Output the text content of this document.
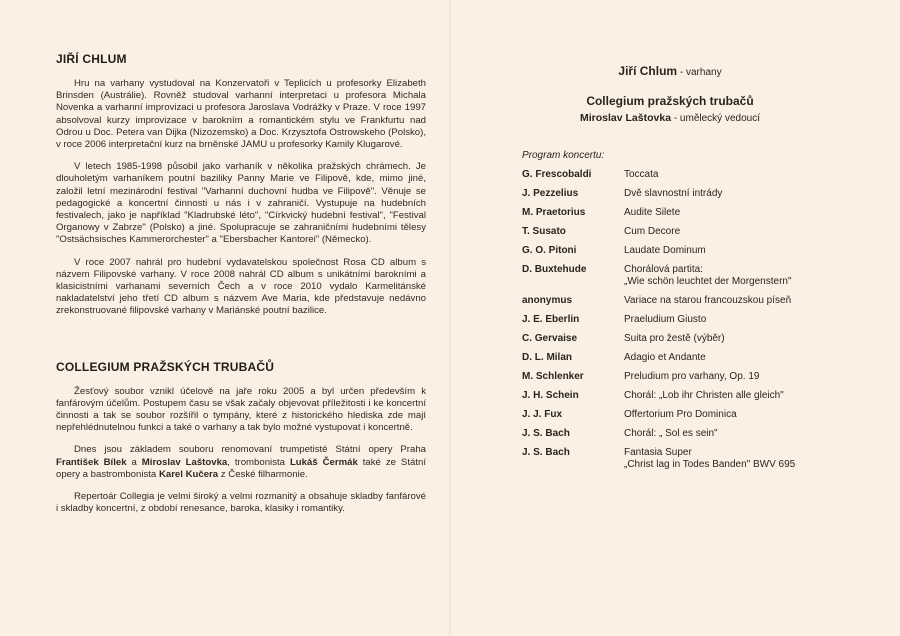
JIŘÍ CHLUM

Hru na varhany vystudoval na Konzervatoři v Teplicích u profesorky Elizabeth Brinsden (Austrálie). Rovněž studoval varhanní interpretaci u profesora Michala Novenka a varhanní improvizaci u profesora Jaroslava Vodrážky v Praze. V roce 1997 absolvoval kurzy improvizace v barokním a romantickém stylu ve Frankfurtu nad Odrou u Doc. Petera van Dijka (Nizozemsko) a Doc. Krzysztofa Ostrowskeho (Polsko), v roce 2006 interpretační kurz na brněnské JAMU u profesorky Kamily Klugarové.

V letech 1985-1998 působil jako varhaník v několika pražských chrámech. Je dlouholetým varhaníkem poutní baziliky Panny Marie ve Filipově, kde, mimo jiné, založil letní mezinárodní festival "Varhanní duchovní hudba ve Filipově". Věnuje se pedagogické a koncertní činnosti u nás i v zahraničí. Vystupuje na hudebních festivalech, jako je například "Kladrubské léto", "Církvický hudební festival", "Festival Organowy v Zabrze" (Polsko) a jiné. Spolupracuje se zahraničními hudebními tělesy "Ostsächsisches Kammerorchester" a "Ebersbacher Kantorei" (Německo).

V roce 2007 nahrál pro hudební vydavatelskou společnost Rosa CD album s názvem Filipovské varhany. V roce 2008 nahrál CD album s unikátními barokními a klasicistními varhanami severních Čech a v roce 2010 vydalo Karmelitánské nakladatelství jeho třetí CD album s názvem Ave Maria, kde představuje nedávno zrekonstruované filipovské varhany v Mariánské poutní bazilice.

COLLEGIUM PRAŽSKÝCH TRUBAČŮ

Žesťový soubor vznikl účelově na jaře roku 2005 a byl určen především k fanfárovým účelům. Postupem času se však začaly objevovat příležitosti i ke koncertní činnosti a tak se soubor rozšířil o tympány, které z historického hlediska zde mají nepřehlédnutelnou funkci a také o varhany a tak bylo možné vystupovat i koncertně.

Dnes jsou základem souboru renomovaní trumpetisté Státní opery Praha František Bílek a Miroslav Laštovka, trombonista Lukáš Čermák také ze Státní opery a bastrombonista Karel Kučera z České filharmonie.

Repertoár Collegia je velmi široký a velmi rozmanitý a obsahuje skladby fanfárové i skladby koncertní, z období renesance, baroka, klasiky i romantiky.

Jiří Chlum - varhany
Collegium pražských trubačů
Miroslav Laštovka - umělecký vedoucí
Program koncertu:
G. Frescobaldi	Toccata
J. Pezzelius	Dvě slavnostní intrády
M. Praetorius	Audite Silete
T. Susato	Cum Decore
G. O. Pitoni	Laudate Dominum
D. Buxtehude	Chorálová partita:
„Wie schön leuchtet der Morgenstern"
anonymus	Variace na starou francouzskou píseň
J. E. Eberlin	Praeludium Giusto
C. Gervaise	Suita pro žestě (výběr)
D. L. Milan	Adagio et Andante
M. Schlenker	Preludium pro varhany, Op. 19
J. H. Schein	Chorál: „Lob ihr Christen alle gleich"
J. J. Fux	Offertorium Pro Dominica
J. S. Bach	Chorál: „ Sol es sein"
J. S. Bach	Fantasia Super
„Christ lag in Todes Banden" BWV 695
